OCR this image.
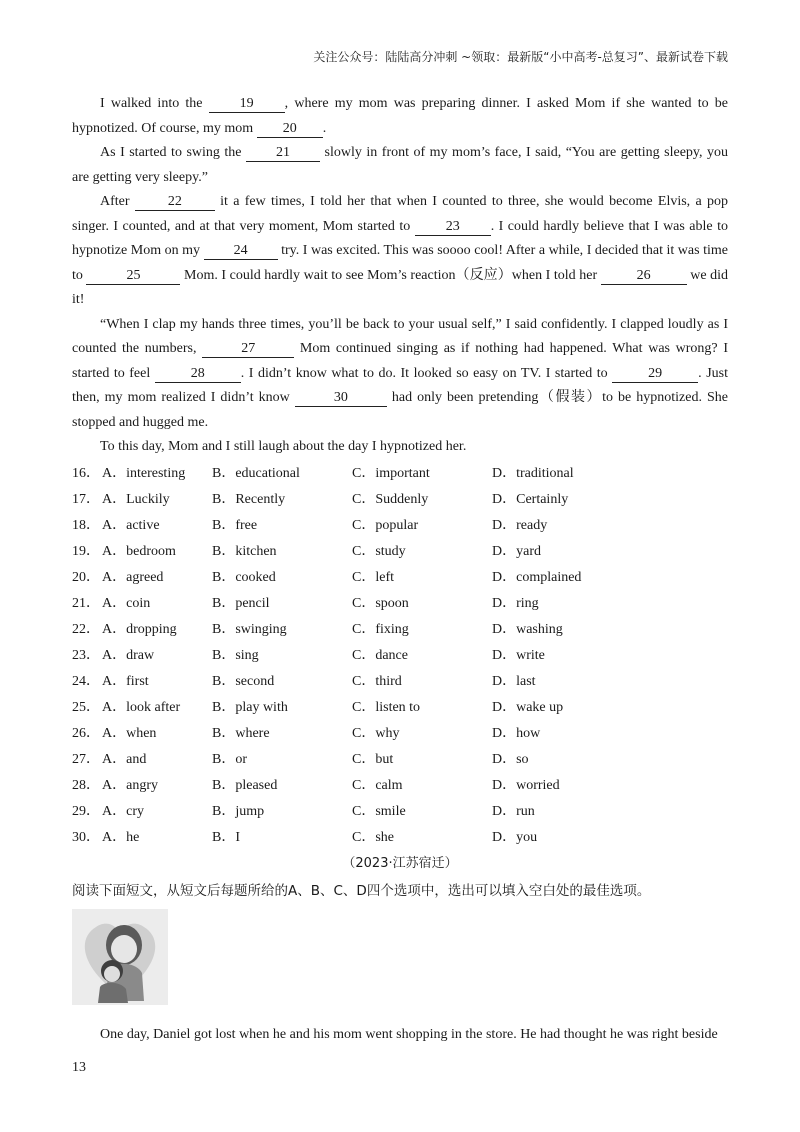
关注公众号：陆陆高分冲刺 ~领取：最新版“小中高考-总复习”、最新试卷下载

I walked into the 19 , where my mom was preparing dinner. I asked Mom if she wanted to be hypnotized. Of course, my mom 20 .

As I started to swing the 21 slowly in front of my mom’s face, I said, “You are getting sleepy, you are getting very sleepy.”

After 22 it a few times, I told her that when I counted to three, she would become Elvis, a pop singer. I counted, and at that very moment, Mom started to 23 . I could hardly believe that I was able to hypnotize Mom on my 24 try. I was excited. This was soooo cool! After a while, I decided that it was time to	25	Mom. I could hardly wait to see Mom’s reaction（反应）when I told her	26	we did it!

“When I clap my hands three times, you’ll be back to your usual self,” I said confidently. I clapped loudly as I counted the numbers,	27	Mom continued singing as if nothing had happened. What was wrong? I started to feel	28	. I didn’t know what to do. It looked so easy on TV. I started to	29	. Just then, my mom realized I didn’t know	30	had only been pretending（假装）to be hypnotized. She stopped and hugged me.

To this day, Mom and I still laugh about the day I hypnotized her.

16． A．interesting	B．educational	C．important	D．traditional
17． A．Luckily	B．Recently	C．Suddenly	D．Certainly
18． A．active	B．free	C．popular	D．ready
19． A．bedroom	B．kitchen	C．study	D．yard
20． A．agreed	B．cooked	C．left	D．complained
21． A．coin	B．pencil	C．spoon	D．ring
22． A．dropping	B．swinging	C．fixing	D．washing
23． A．draw	B．sing	C．dance	D．write
24． A．first	B．second	C．third	D．last
25． A．look after	B．play with	C．listen to	D．wake up
26． A．when	B．where	C．why	D．how
27． A．and	B．or	C．but	D．so
28． A．angry	B．pleased	C．calm	D．worried
29． A．cry	B．jump	C．smile	D．run
30． A．he	B．I	C．she	D．you
（2023·江苏宿迁）

阅读下面短文，从短文后每题所给的A、B、C、D四个选项中，选出可以填入空白处的最佳选项。

One day, Daniel got lost when he and his mom went shopping in the store. He had thought he was right beside

13
